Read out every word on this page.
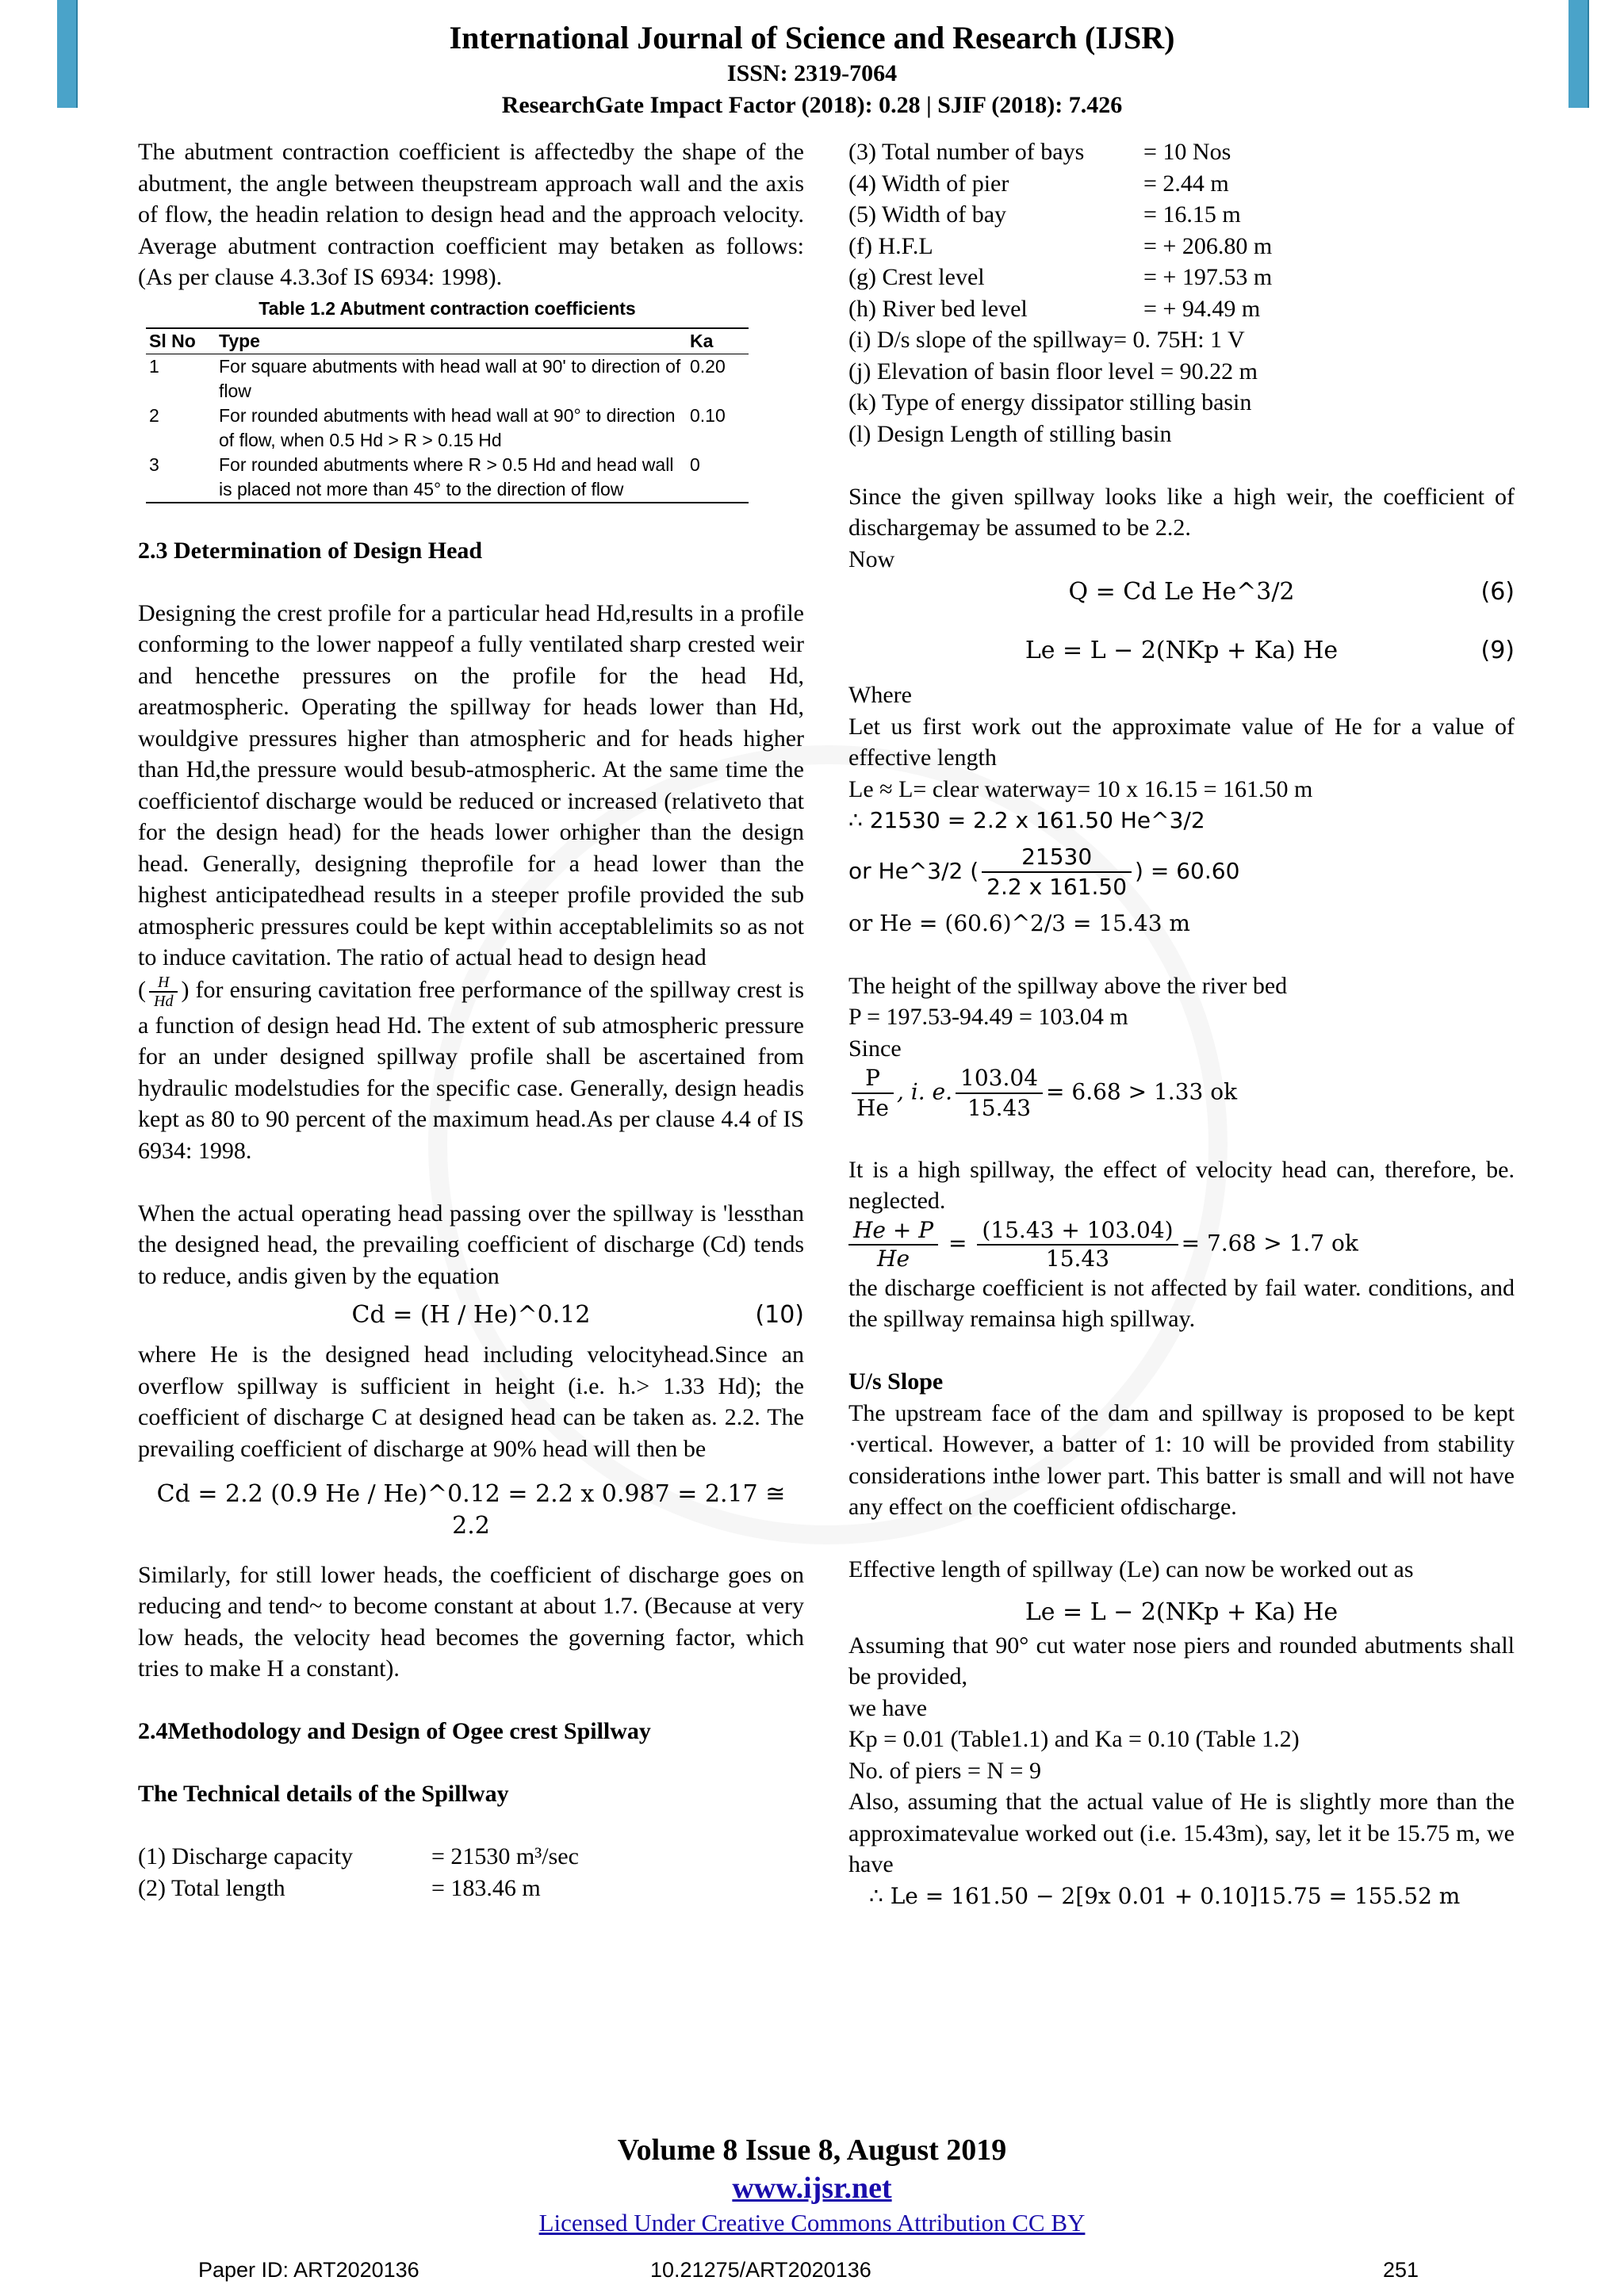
International Journal of Science and Research (IJSR)
ISSN: 2319-7064
ResearchGate Impact Factor (2018): 0.28 | SJIF (2018): 7.426

The abutment contraction coefficient is affectedby the shape of the abutment, the angle between theupstream approach wall and the axis of flow, the headin relation to design head and the approach velocity. Average abutment contraction coefficient may betaken as follows: (As per clause 4.3.3of IS 6934: 1998).

Table 1.2 Abutment contraction coefficients
Sl No	Type	Ka
1	For square abutments with head wall at 90' to direction of flow	0.20
2	For rounded abutments with head wall at 90° to direction of flow, when 0.5 Hd > R > 0.15 Hd	0.10
3	For rounded abutments where R > 0.5 Hd and head wall is placed not more than 45° to the direction of flow	0

2.3 Determination of Design Head

Designing the crest profile for a particular head Hd,results in a profile conforming to the lower nappeof a fully ventilated sharp crested weir and hencethe pressures on the profile for the head Hd, areatmospheric. Operating the spillway for heads lower than Hd, wouldgive pressures higher than atmospheric and for heads higher than Hd,the pressure would besub-atmospheric. At the same time the coefficientof discharge would be reduced or increased (relativeto that for the design head) for the heads lower orhigher than the design head. Generally, designing theprofile for a head lower than the highest anticipatedhead results in a steeper profile provided the sub atmospheric pressures could be kept within acceptablelimits so as not to induce cavitation. The ratio of actual head to design head

( $\frac{H}{Hd}$ ) for ensuring cavitation free performance of the spillway crest is a function of design head Hd. The extent of sub atmospheric pressure for an under designed spillway profile shall be ascertained from hydraulic modelstudies for the specific case. Generally, design headis kept as 80 to 90 percent of the maximum head.As per clause 4.4 of IS 6934: 1998.

When the actual operating head passing over the spillway is 'lessthan the designed head, the prevailing coefficient of discharge (Cd) tends to reduce, andis given by the equation

Cd = (H / He)^0.12	(10)

where He is the designed head including velocityhead.Since an overflow spillway is sufficient in height (i.e. h.> 1.33 Hd); the coefficient of discharge C at designed head can be taken as. 2.2. The prevailing coefficient of discharge at 90% head will then be

Cd = 2.2 (0.9 He / He)^0.12 = 2.2 x 0.987 = 2.17 ≅ 2.2

Similarly, for still lower heads, the coefficient of discharge goes on reducing and tend~ to become constant at about 1.7. (Because at very low heads, the velocity head becomes the governing factor, which tries to make H a constant).

2.4Methodology and Design of Ogee crest Spillway

The Technical details of the Spillway

(1) Discharge capacity	= 21530 m³/sec
(2) Total length	= 183.46 m
(3) Total number of bays	= 10 Nos
(4) Width of pier	= 2.44 m
(5) Width of bay	= 16.15 m
(f) H.F.L	= + 206.80 m
(g) Crest level	= + 197.53 m
(h) River bed level	= + 94.49 m

(i) D/s slope of the spillway= 0. 75H: 1 V

(j) Elevation of basin floor level = 90.22 m

(k) Type of energy dissipator stilling basin

(l) Design Length of stilling basin

Since the given spillway looks like a high weir, the coefficient of dischargemay be assumed to be 2.2.

Now

Q = Cd Le He^3/2	(6)
Le = L − 2(NKp + Ka) He	(9)

Where

Let us first work out the approximate value of He for a value of effective length

Le ≈ L= clear waterway= 10 x 16.15 = 161.50 m

∴ 21530 = 2.2 x 161.50 He^3/2

or He^3/2 ( $\frac{21530}{2.2 x 161.50}$ ) = 60.60

or He = (60.6)^2/3 = 15.43 m

The height of the spillway above the river bed

P = 197.53-94.49 = 103.04 m

Since

$\frac{P}{He}$ , i. e. $\frac{103.04}{15.43} = 6.68 > 1.33$ ok

It is a high spillway, the effect of velocity head can, therefore, be. neglected.

$\frac{He + P}{He} = \frac{(15.43 + 103.04)}{15.43} = 7.68 > 1.7$ ok

the discharge coefficient is not affected by fail water. conditions, and the spillway remainsa high spillway.

U/s Slope

The upstream face of the dam and spillway is proposed to be kept ·vertical. However, a batter of 1: 10 will be provided from stability considerations inthe lower part. This batter is small and will not have any effect on the coefficient ofdischarge.

Effective length of spillway (Le) can now be worked out as

Le = L − 2(NKp + Ka) He

Assuming that 90° cut water nose piers and rounded abutments shall be provided,

we have

Kp = 0.01 (Table1.1) and Ka = 0.10 (Table 1.2)

No. of piers = N = 9

Also, assuming that the actual value of He is slightly more than the approximatevalue worked out (i.e. 15.43m), say, let it be 15.75 m, we have

∴ Le = 161.50 − 2[9x 0.01 + 0.10]15.75 = 155.52 m

Volume 8 Issue 8, August 2019
www.ijsr.net
Licensed Under Creative Commons Attribution CC BY
Paper ID: ART2020136	10.21275/ART2020136	251
